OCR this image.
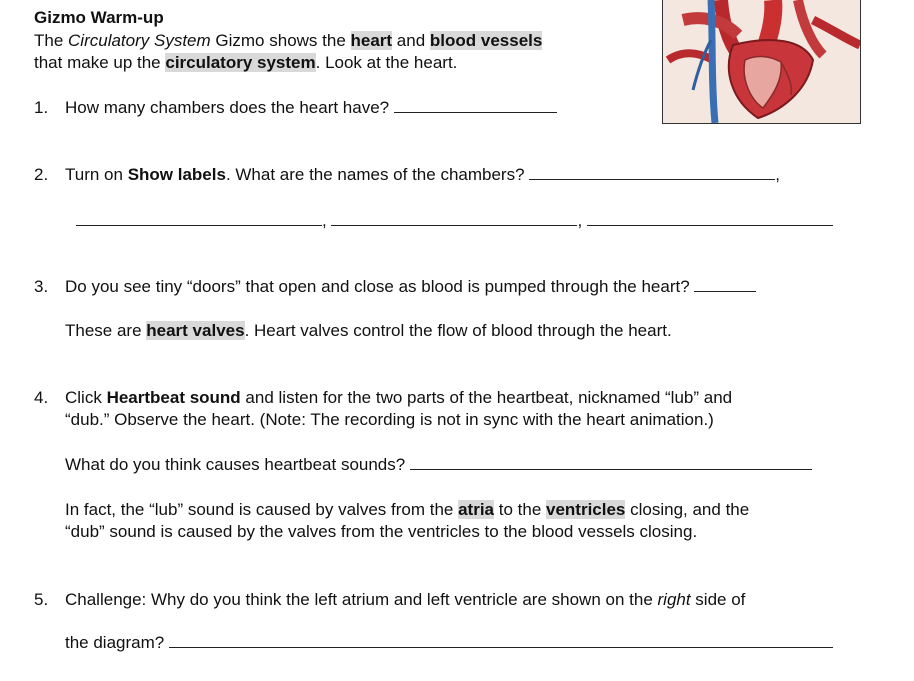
Gizmo Warm-up
The Circulatory System Gizmo shows the heart and blood vessels
that make up the circulatory system. Look at the heart.
1. How many chambers does the heart have?
2. Turn on Show labels. What are the names of the chambers?	,
,	,
3. Do you see tiny “doors” that open and close as blood is pumped through the heart?
These are heart valves. Heart valves control the flow of blood through the heart.
4. Click Heartbeat sound and listen for the two parts of the heartbeat, nicknamed “lub” and
“dub.” Observe the heart. (Note: The recording is not in sync with the heart animation.)
What do you think causes heartbeat sounds?
In fact, the “lub” sound is caused by valves from the atria to the ventricles closing, and the
“dub” sound is caused by the valves from the ventricles to the blood vessels closing.
5. Challenge: Why do you think the left atrium and left ventricle are shown on the right side of
the diagram?
